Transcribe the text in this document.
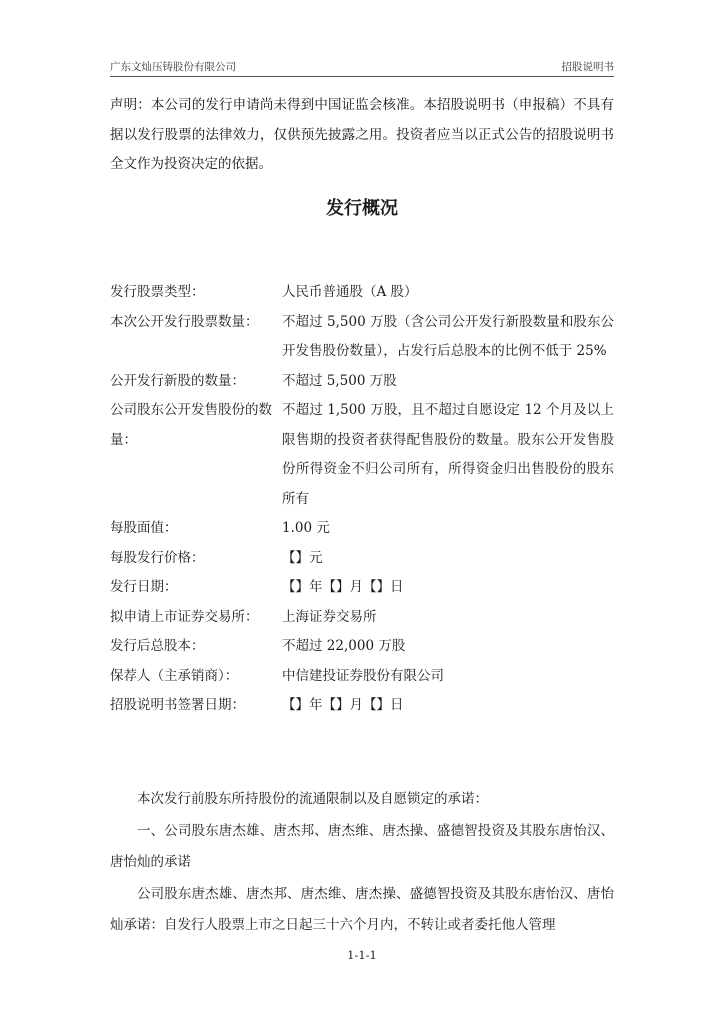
广东文灿压铸股份有限公司	招股说明书

声明：本公司的发行申请尚未得到中国证监会核准。本招股说明书（申报稿）不具有据以发行股票的法律效力，仅供预先披露之用。投资者应当以正式公告的招股说明书全文作为投资决定的依据。

发行概况
发行股票类型：	人民币普通股（A 股）
本次公开发行股票数量：	不超过 5,500 万股（含公司公开发行新股数量和股东公开发售股份数量），占发行后总股本的比例不低于 25%
公开发行新股的数量：	不超过 5,500 万股
公司股东公开发售股份的数量：
不超过 1,500 万股，且不超过自愿设定 12 个月及以上限售期的投资者获得配售股份的数量。股东公开发售股份所得资金不归公司所有，所得资金归出售股份的股东所有
每股面值：	1.00 元
每股发行价格：	【】元
发行日期：	【】年【】月【】日
拟申请上市证券交易所：	上海证券交易所
发行后总股本：	不超过 22,000 万股
保荐人（主承销商）：	中信建投证券股份有限公司
招股说明书签署日期：	【】年【】月【】日

本次发行前股东所持股份的流通限制以及自愿锁定的承诺：

一、公司股东唐杰雄、唐杰邦、唐杰维、唐杰操、盛德智投资及其股东唐怡汉、唐怡灿的承诺

公司股东唐杰雄、唐杰邦、唐杰维、唐杰操、盛德智投资及其股东唐怡汉、唐怡灿承诺：自发行人股票上市之日起三十六个月内，不转让或者委托他人管理

1-1-1
